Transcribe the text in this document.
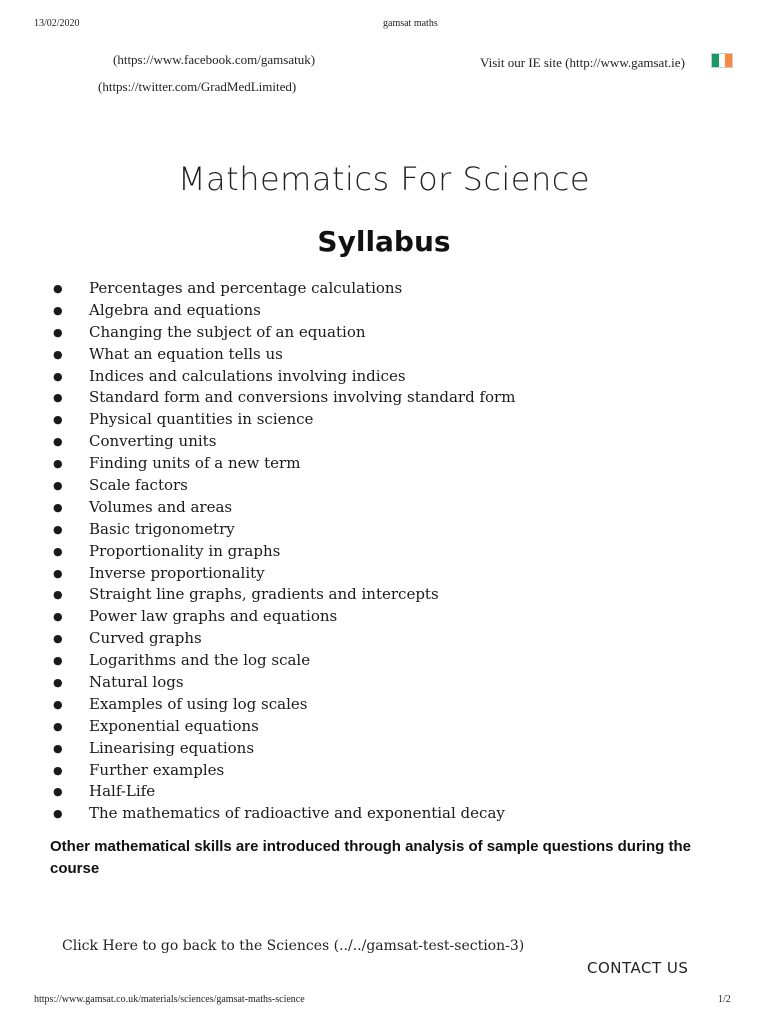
13/02/2020	gamsat maths
(https://www.facebook.com/gamsatuk)
(https://twitter.com/GradMedLimited)
Visit our IE site (http://www.gamsat.ie)
Mathematics For Science
Syllabus
● Percentages and percentage calculations
● Algebra and equations
● Changing the subject of an equation
● What an equation tells us
● Indices and calculations involving indices
● Standard form and conversions involving standard form
● Physical quantities in science
● Converting units
● Finding units of a new term
● Scale factors
● Volumes and areas
● Basic trigonometry
● Proportionality in graphs
● Inverse proportionality
● Straight line graphs, gradients and intercepts
● Power law graphs and equations
● Curved graphs
● Logarithms and the log scale
● Natural logs
● Examples of using log scales
● Exponential equations
● Linearising equations
● Further examples
● Half-Life
● The mathematics of radioactive and exponential decay
Other mathematical skills are introduced through analysis of sample questions during the course
Click Here to go back to the Sciences (../../gamsat-test-section-3)
CONTACT US
https://www.gamsat.co.uk/materials/sciences/gamsat-maths-science	1/2
